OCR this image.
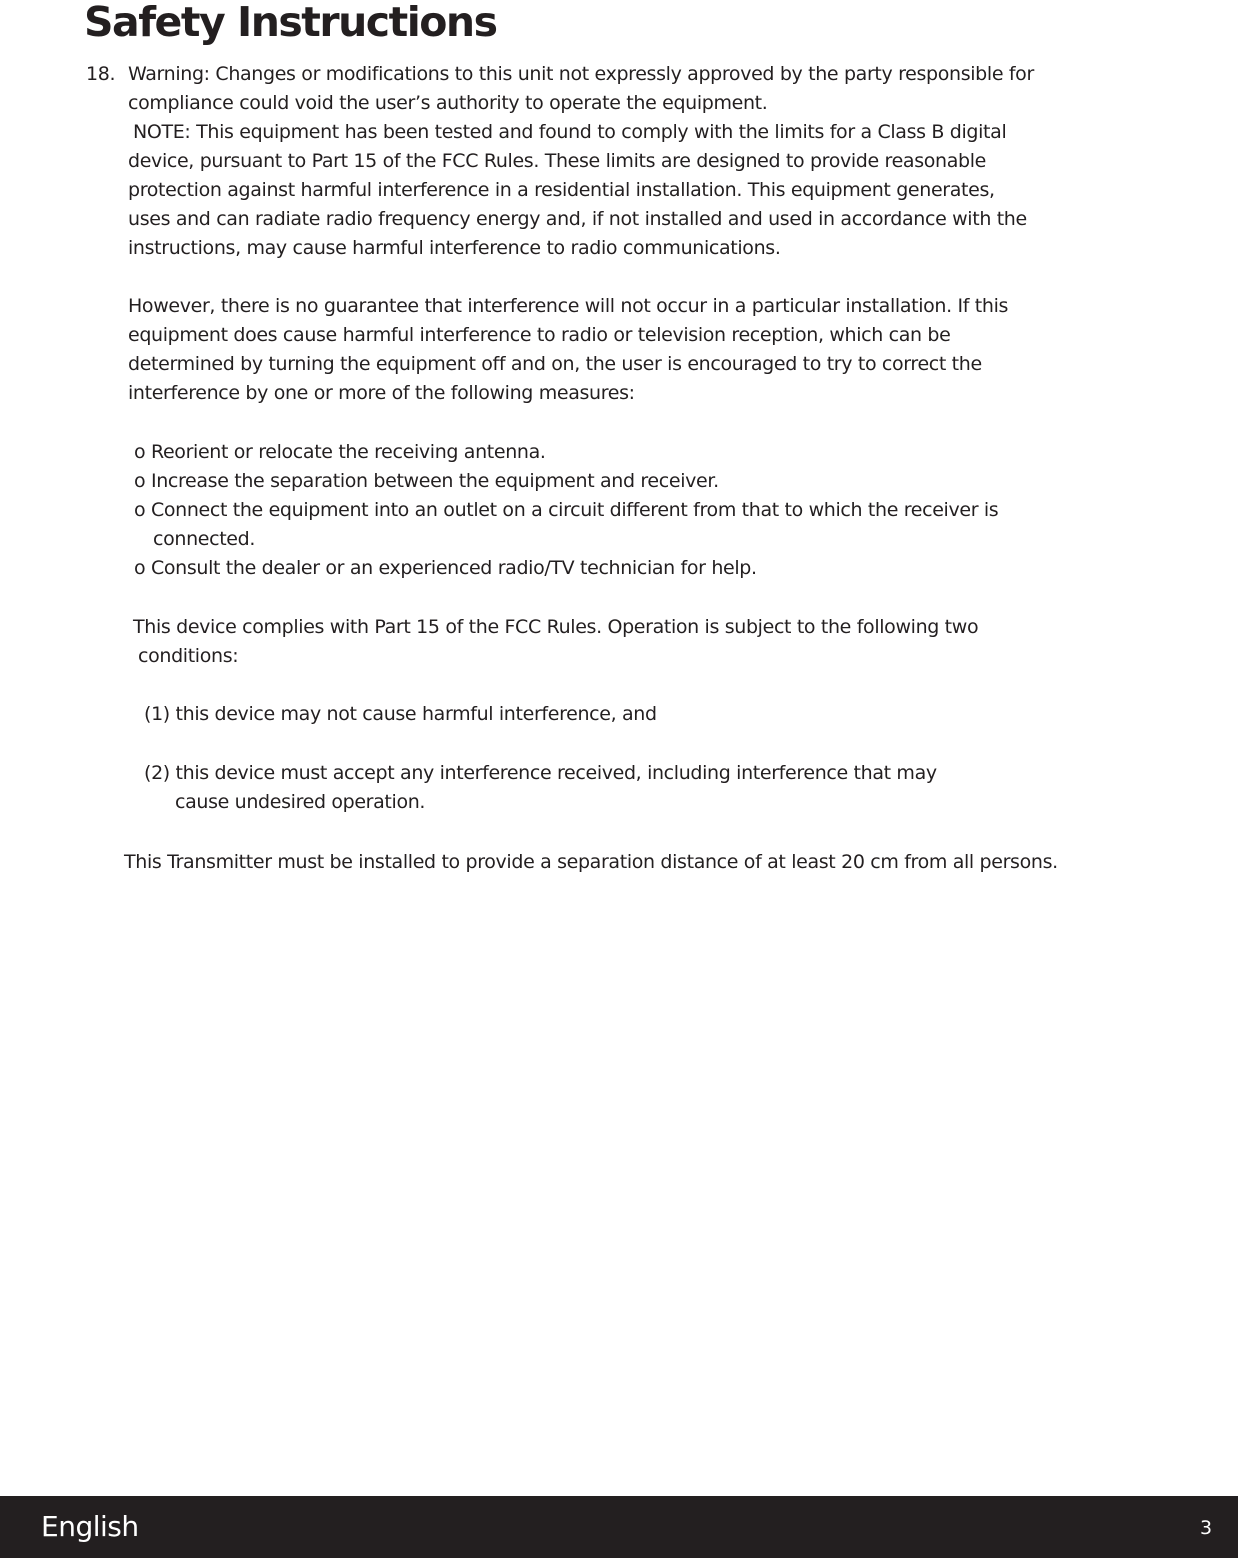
Safety Instructions
18. Warning: Changes or modifications to this unit not expressly approved by the party responsible for
compliance could void the user’s authority to operate the equipment.
NOTE: This equipment has been tested and found to comply with the limits for a Class B digital
device, pursuant to Part 15 of the FCC Rules. These limits are designed to provide reasonable
protection against harmful interference in a residential installation. This equipment generates,
uses and can radiate radio frequency energy and, if not installed and used in accordance with the
instructions, may cause harmful interference to radio communications.
However, there is no guarantee that interference will not occur in a particular installation. If this
equipment does cause harmful interference to radio or television reception, which can be
determined by turning the equipment off and on, the user is encouraged to try to correct the
interference by one or more of the following measures:
o Reorient or relocate the receiving antenna.
o Increase the separation between the equipment and receiver.
o Connect the equipment into an outlet on a circuit different from that to which the receiver is
connected.
o Consult the dealer or an experienced radio/TV technician for help.
This device complies with Part 15 of the FCC Rules. Operation is subject to the following two
conditions:
(1) this device may not cause harmful interference, and
(2) this device must accept any interference received, including interference that may
cause undesired operation.
This Transmitter must be installed to provide a separation distance of at least 20 cm from all persons.
English	3
